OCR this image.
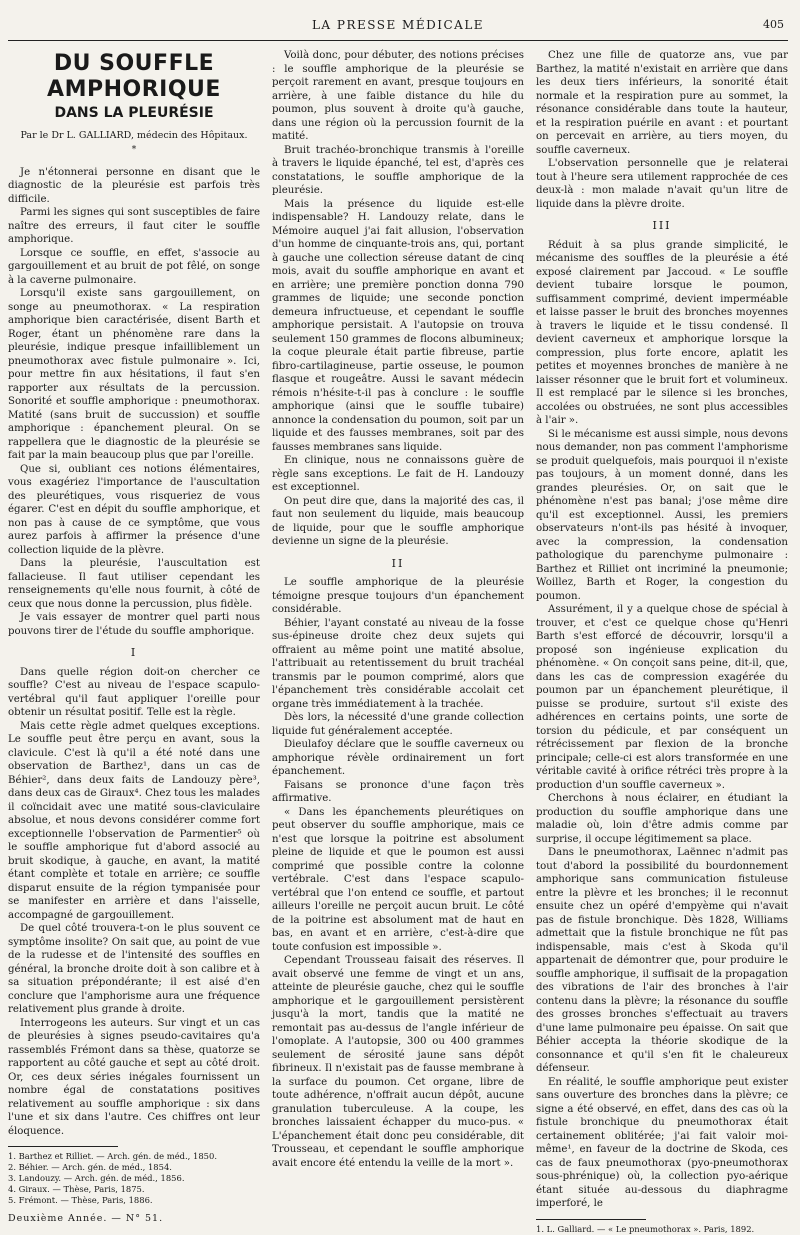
LA PRESSE MÉDICALE	405
DU SOUFFLE AMPHORIQUE
DANS LA PLEURÉSIE
Par le Dr L. GALLIARD, médecin des Hôpitaux.
*

Je n'étonnerai personne en disant que le diagnostic de la pleurésie est parfois très difficile.

Parmi les signes qui sont susceptibles de faire naître des erreurs, il faut citer le souffle amphorique.

Lorsque ce souffle, en effet, s'associe au gargouillement et au bruit de pot fêlé, on songe à la caverne pulmonaire.

Lorsqu'il existe sans gargouillement, on songe au pneumothorax. « La respiration amphorique bien caractérisée, disent Barth et Roger, étant un phénomène rare dans la pleurésie, indique presque infailliblement un pneumothorax avec fistule pulmonaire ». Ici, pour mettre fin aux hésitations, il faut s'en rapporter aux résultats de la percussion. Sonorité et souffle amphorique : pneumothorax. Matité (sans bruit de succussion) et souffle amphorique : épanchement pleural. On se rappellera que le diagnostic de la pleurésie se fait par la main beaucoup plus que par l'oreille.

Que si, oubliant ces notions élémentaires, vous exagériez l'importance de l'auscultation des pleurétiques, vous risqueriez de vous égarer. C'est en dépit du souffle amphorique, et non pas à cause de ce symptôme, que vous aurez parfois à affirmer la présence d'une collection liquide de la plèvre.

Dans la pleurésie, l'auscultation est fallacieuse. Il faut utiliser cependant les renseignements qu'elle nous fournit, à côté de ceux que nous donne la percussion, plus fidèle.

Je vais essayer de montrer quel parti nous pouvons tirer de l'étude du souffle amphorique.

I

Dans quelle région doit-on chercher ce souffle? C'est au niveau de l'espace scapulo-vertébral qu'il faut appliquer l'oreille pour obtenir un résultat positif. Telle est la règle.

Mais cette règle admet quelques exceptions. Le souffle peut être perçu en avant, sous la clavicule. C'est là qu'il a été noté dans une observation de Barthez¹, dans un cas de Béhier², dans deux faits de Landouzy père³, dans deux cas de Giraux⁴. Chez tous les malades il coïncidait avec une matité sous-claviculaire absolue, et nous devons considérer comme fort exceptionnelle l'observation de Parmentier⁵ où le souffle amphorique fut d'abord associé au bruit skodique, à gauche, en avant, la matité étant complète et totale en arrière; ce souffle disparut ensuite de la région tympanisée pour se manifester en arrière et dans l'aisselle, accompagné de gargouillement.

De quel côté trouvera-t-on le plus souvent ce symptôme insolite? On sait que, au point de vue de la rudesse et de l'intensité des souffles en général, la bronche droite doit à son calibre et à sa situation prépondérante; il est aisé d'en conclure que l'amphorisme aura une fréquence relativement plus grande à droite.

Interrogeons les auteurs. Sur vingt et un cas de pleurésies à signes pseudo-cavitaires qu'a rassemblés Frémont dans sa thèse, quatorze se rapportent au côté gauche et sept au côté droit. Or, ces deux séries inégales fournissent un nombre égal de constatations positives relativement au souffle amphorique : six dans l'une et six dans l'autre. Ces chiffres ont leur éloquence.

1. Barthez et Rilliet. — Arch. gén. de méd., 1850.

2. Béhier. — Arch. gén. de méd., 1854.

3. Landouzy. — Arch. gén. de méd., 1856.

4. Giraux. — Thèse, Paris, 1875.

5. Frémont. — Thèse, Paris, 1886.

Deuxième Année. — N° 51.

Voilà donc, pour débuter, des notions précises : le souffle amphorique de la pleurésie se perçoit rarement en avant, presque toujours en arrière, à une faible distance du hile du poumon, plus souvent à droite qu'à gauche, dans une région où la percussion fournit de la matité.

Bruit trachéo-bronchique transmis à l'oreille à travers le liquide épanché, tel est, d'après ces constatations, le souffle amphorique de la pleurésie.

Mais la présence du liquide est-elle indispensable? H. Landouzy relate, dans le Mémoire auquel j'ai fait allusion, l'observation d'un homme de cinquante-trois ans, qui, portant à gauche une collection séreuse datant de cinq mois, avait du souffle amphorique en avant et en arrière; une première ponction donna 790 grammes de liquide; une seconde ponction demeura infructueuse, et cependant le souffle amphorique persistait. A l'autopsie on trouva seulement 150 grammes de flocons albumineux; la coque pleurale était partie fibreuse, partie fibro-cartilagineuse, partie osseuse, le poumon flasque et rougeâtre. Aussi le savant médecin rémois n'hésite-t-il pas à conclure : le souffle amphorique (ainsi que le souffle tubaire) annonce la condensation du poumon, soit par un liquide et des fausses membranes, soit par des fausses membranes sans liquide.

En clinique, nous ne connaissons guère de règle sans exceptions. Le fait de H. Landouzy est exceptionnel.

On peut dire que, dans la majorité des cas, il faut non seulement du liquide, mais beaucoup de liquide, pour que le souffle amphorique devienne un signe de la pleurésie.

II

Le souffle amphorique de la pleurésie témoigne presque toujours d'un épanchement considérable.

Béhier, l'ayant constaté au niveau de la fosse sus-épineuse droite chez deux sujets qui offraient au même point une matité absolue, l'attribuait au retentissement du bruit trachéal transmis par le poumon comprimé, alors que l'épanchement très considérable accolait cet organe très immédiatement à la trachée.

Dès lors, la nécessité d'une grande collection liquide fut généralement acceptée.

Dieulafoy déclare que le souffle caverneux ou amphorique révèle ordinairement un fort épanchement.

Faisans se prononce d'une façon très affirmative.

« Dans les épanchements pleurétiques on peut observer du souffle amphorique, mais ce n'est que lorsque la poitrine est absolument pleine de liquide et que le poumon est aussi comprimé que possible contre la colonne vertébrale. C'est dans l'espace scapulo-vertébral que l'on entend ce souffle, et partout ailleurs l'oreille ne perçoit aucun bruit. Le côté de la poitrine est absolument mat de haut en bas, en avant et en arrière, c'est-à-dire que toute confusion est impossible ».

Cependant Trousseau faisait des réserves. Il avait observé une femme de vingt et un ans, atteinte de pleurésie gauche, chez qui le souffle amphorique et le gargouillement persistèrent jusqu'à la mort, tandis que la matité ne remontait pas au-dessus de l'angle inférieur de l'omoplate. A l'autopsie, 300 ou 400 grammes seulement de sérosité jaune sans dépôt fibrineux. Il n'existait pas de fausse membrane à la surface du poumon. Cet organe, libre de toute adhérence, n'offrait aucun dépôt, aucune granulation tuberculeuse. A la coupe, les bronches laissaient échapper du muco-pus. « L'épanchement était donc peu considérable, dit Trousseau, et cependant le souffle amphorique avait encore été entendu la veille de la mort ».

Chez une fille de quatorze ans, vue par Barthez, la matité n'existait en arrière que dans les deux tiers inférieurs, la sonorité était normale et la respiration pure au sommet, la résonance considérable dans toute la hauteur, et la respiration puérile en avant : et pourtant on percevait en arrière, au tiers moyen, du souffle caverneux.

L'observation personnelle que je relaterai tout à l'heure sera utilement rapprochée de ces deux-là : mon malade n'avait qu'un litre de liquide dans la plèvre droite.

III

Réduit à sa plus grande simplicité, le mécanisme des souffles de la pleurésie a été exposé clairement par Jaccoud. « Le souffle devient tubaire lorsque le poumon, suffisamment comprimé, devient imperméable et laisse passer le bruit des bronches moyennes à travers le liquide et le tissu condensé. Il devient caverneux et amphorique lorsque la compression, plus forte encore, aplatit les petites et moyennes bronches de manière à ne laisser résonner que le bruit fort et volumineux. Il est remplacé par le silence si les bronches, accolées ou obstruées, ne sont plus accessibles à l'air ».

Si le mécanisme est aussi simple, nous devons nous demander, non pas comment l'amphorisme se produit quelquefois, mais pourquoi il n'existe pas toujours, à un moment donné, dans les grandes pleurésies. Or, on sait que le phénomène n'est pas banal; j'ose même dire qu'il est exceptionnel. Aussi, les premiers observateurs n'ont-ils pas hésité à invoquer, avec la compression, la condensation pathologique du parenchyme pulmonaire : Barthez et Rilliet ont incriminé la pneumonie; Woillez, Barth et Roger, la congestion du poumon.

Assurément, il y a quelque chose de spécial à trouver, et c'est ce quelque chose qu'Henri Barth s'est efforcé de découvrir, lorsqu'il a proposé son ingénieuse explication du phénomène. « On conçoit sans peine, dit-il, que, dans les cas de compression exagérée du poumon par un épanchement pleurétique, il puisse se produire, surtout s'il existe des adhérences en certains points, une sorte de torsion du pédicule, et par conséquent un rétrécissement par flexion de la bronche principale; celle-ci est alors transformée en une véritable cavité à orifice rétréci très propre à la production d'un souffle caverneux ».

Cherchons à nous éclairer, en étudiant la production du souffle amphorique dans une maladie où, loin d'être admis comme par surprise, il occupe légitimement sa place.

Dans le pneumothorax, Laënnec n'admit pas tout d'abord la possibilité du bourdonnement amphorique sans communication fistuleuse entre la plèvre et les bronches; il le reconnut ensuite chez un opéré d'empyème qui n'avait pas de fistule bronchique. Dès 1828, Williams admettait que la fistule bronchique ne fût pas indispensable, mais c'est à Skoda qu'il appartenait de démontrer que, pour produire le souffle amphorique, il suffisait de la propagation des vibrations de l'air des bronches à l'air contenu dans la plèvre; la résonance du souffle des grosses bronches s'effectuait au travers d'une lame pulmonaire peu épaisse. On sait que Béhier accepta la théorie skodique de la consonnance et qu'il s'en fit le chaleureux défenseur.

En réalité, le souffle amphorique peut exister sans ouverture des bronches dans la plèvre; ce signe a été observé, en effet, dans des cas où la fistule bronchique du pneumothorax était certainement oblitérée; j'ai fait valoir moi-même¹, en faveur de la doctrine de Skoda, ces cas de faux pneumothorax (pyo-pneumothorax sous-phrénique) où, la collection pyo-aérique étant située au-dessous du diaphragme imperforé, le

1. L. Galliard. — « Le pneumothorax ». Paris, 1892.
